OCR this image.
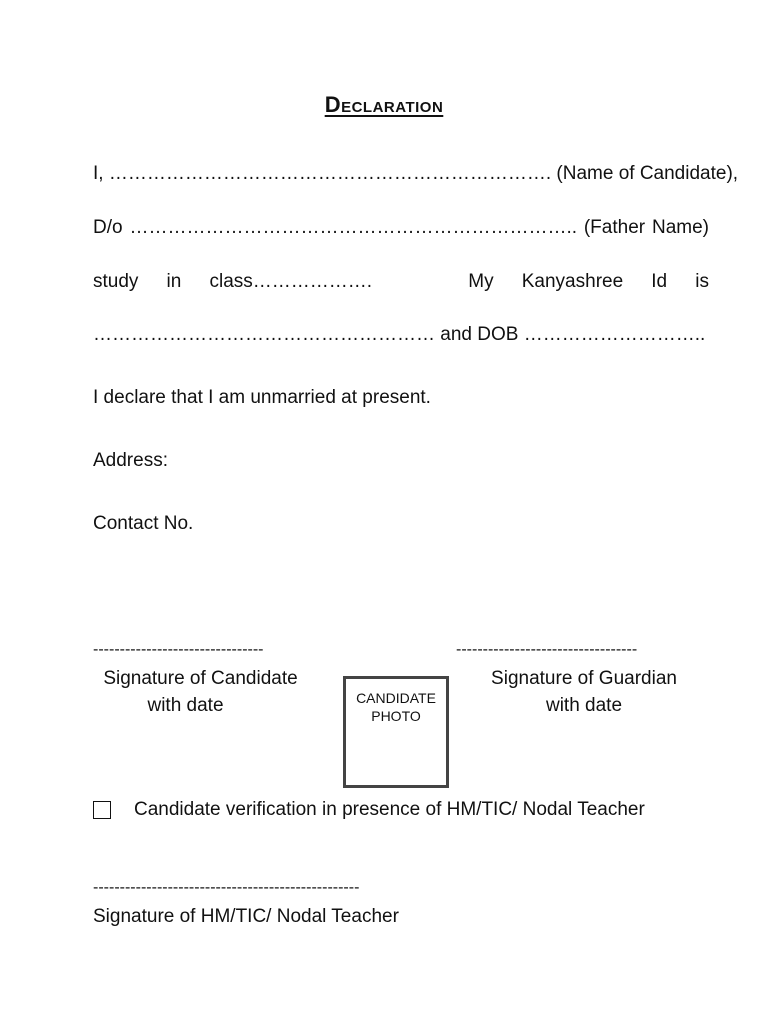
Declaration
I, ……………………………………………………………. (Name of Candidate),
D/o …………………………………………………………….. (Father Name)
study in class……………….	My Kanyashree Id is
……………………………………………… and DOB ………………………..
I declare that I am unmarried at present.
Address:
Contact No.
--------------------------------
Signature of Candidate
with date	CANDIDATE
PHOTO
----------------------------------
Signature of Guardian
with date
Candidate verification in presence of HM/TIC/ Nodal Teacher
--------------------------------------------------
Signature of HM/TIC/ Nodal Teacher
